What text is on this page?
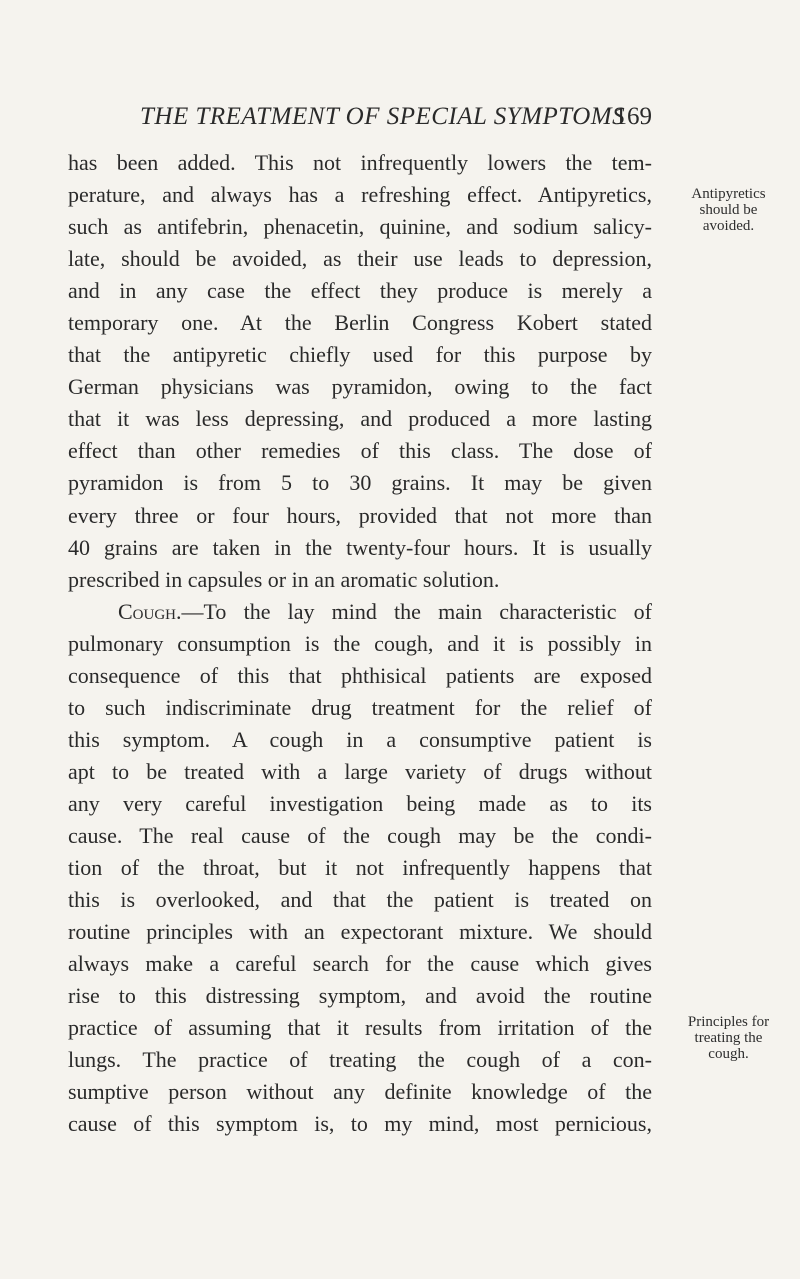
THE TREATMENT OF SPECIAL SYMPTOMS
169
has been added. This not infrequently lowers the tem-
perature, and always has a refreshing effect. Antipyretics,
such as antifebrin, phenacetin, quinine, and sodium salicy-
late, should be avoided, as their use leads to depression,
and in any case the effect they produce is merely a
temporary one. At the Berlin Congress Kobert stated
that the antipyretic chiefly used for this purpose by
German physicians was pyramidon, owing to the fact
that it was less depressing, and produced a more lasting
effect than other remedies of this class. The dose of
pyramidon is from 5 to 30 grains. It may be given
every three or four hours, provided that not more than
40 grains are taken in the twenty-four hours. It is usually
prescribed in capsules or in an aromatic solution.
Cough.—To the lay mind the main characteristic of
pulmonary consumption is the cough, and it is possibly in
consequence of this that phthisical patients are exposed
to such indiscriminate drug treatment for the relief of
this symptom. A cough in a consumptive patient is
apt to be treated with a large variety of drugs without
any very careful investigation being made as to its
cause. The real cause of the cough may be the condi-
tion of the throat, but it not infrequently happens that
this is overlooked, and that the patient is treated on
routine principles with an expectorant mixture. We should
always make a careful search for the cause which gives
rise to this distressing symptom, and avoid the routine
practice of assuming that it results from irritation of the
lungs. The practice of treating the cough of a con-
sumptive person without any definite knowledge of the
cause of this symptom is, to my mind, most pernicious,
Antipyretics
should be
avoided.
Principles for
treating the
cough.
